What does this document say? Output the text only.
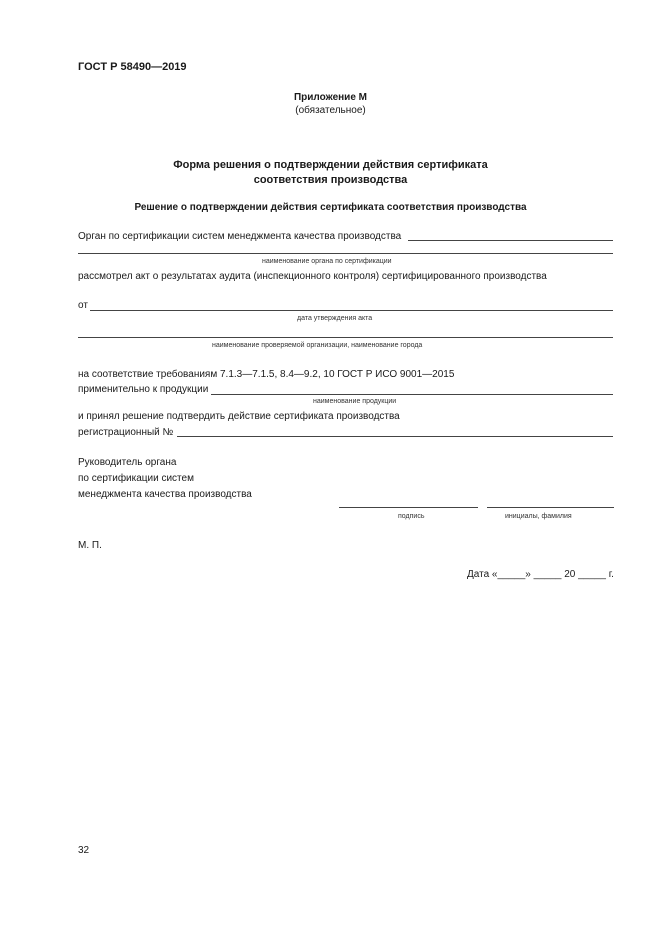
ГОСТ Р 58490—2019
Приложение М
(обязательное)
Форма решения о подтверждении действия сертификата
соответствия производства
Решение о подтверждении действия сертификата соответствия производства
Орган по сертификации систем менеджмента качества производства
наименование органа по сертификации
рассмотрел акт о результатах аудита (инспекционного контроля) сертифицированного производства
от
дата утверждения акта
наименование проверяемой организации, наименование города
на соответствие требованиям 7.1.3—7.1.5, 8.4—9.2, 10 ГОСТ Р ИСО 9001—2015
применительно к продукции
наименование продукции
и принял решение подтвердить действие сертификата производства
регистрационный №
Руководитель органа
по сертификации систем
менеджмента качества производства
подпись	инициалы, фамилия
М. П.
Дата «_____» _____ 20 _____ г.
32
